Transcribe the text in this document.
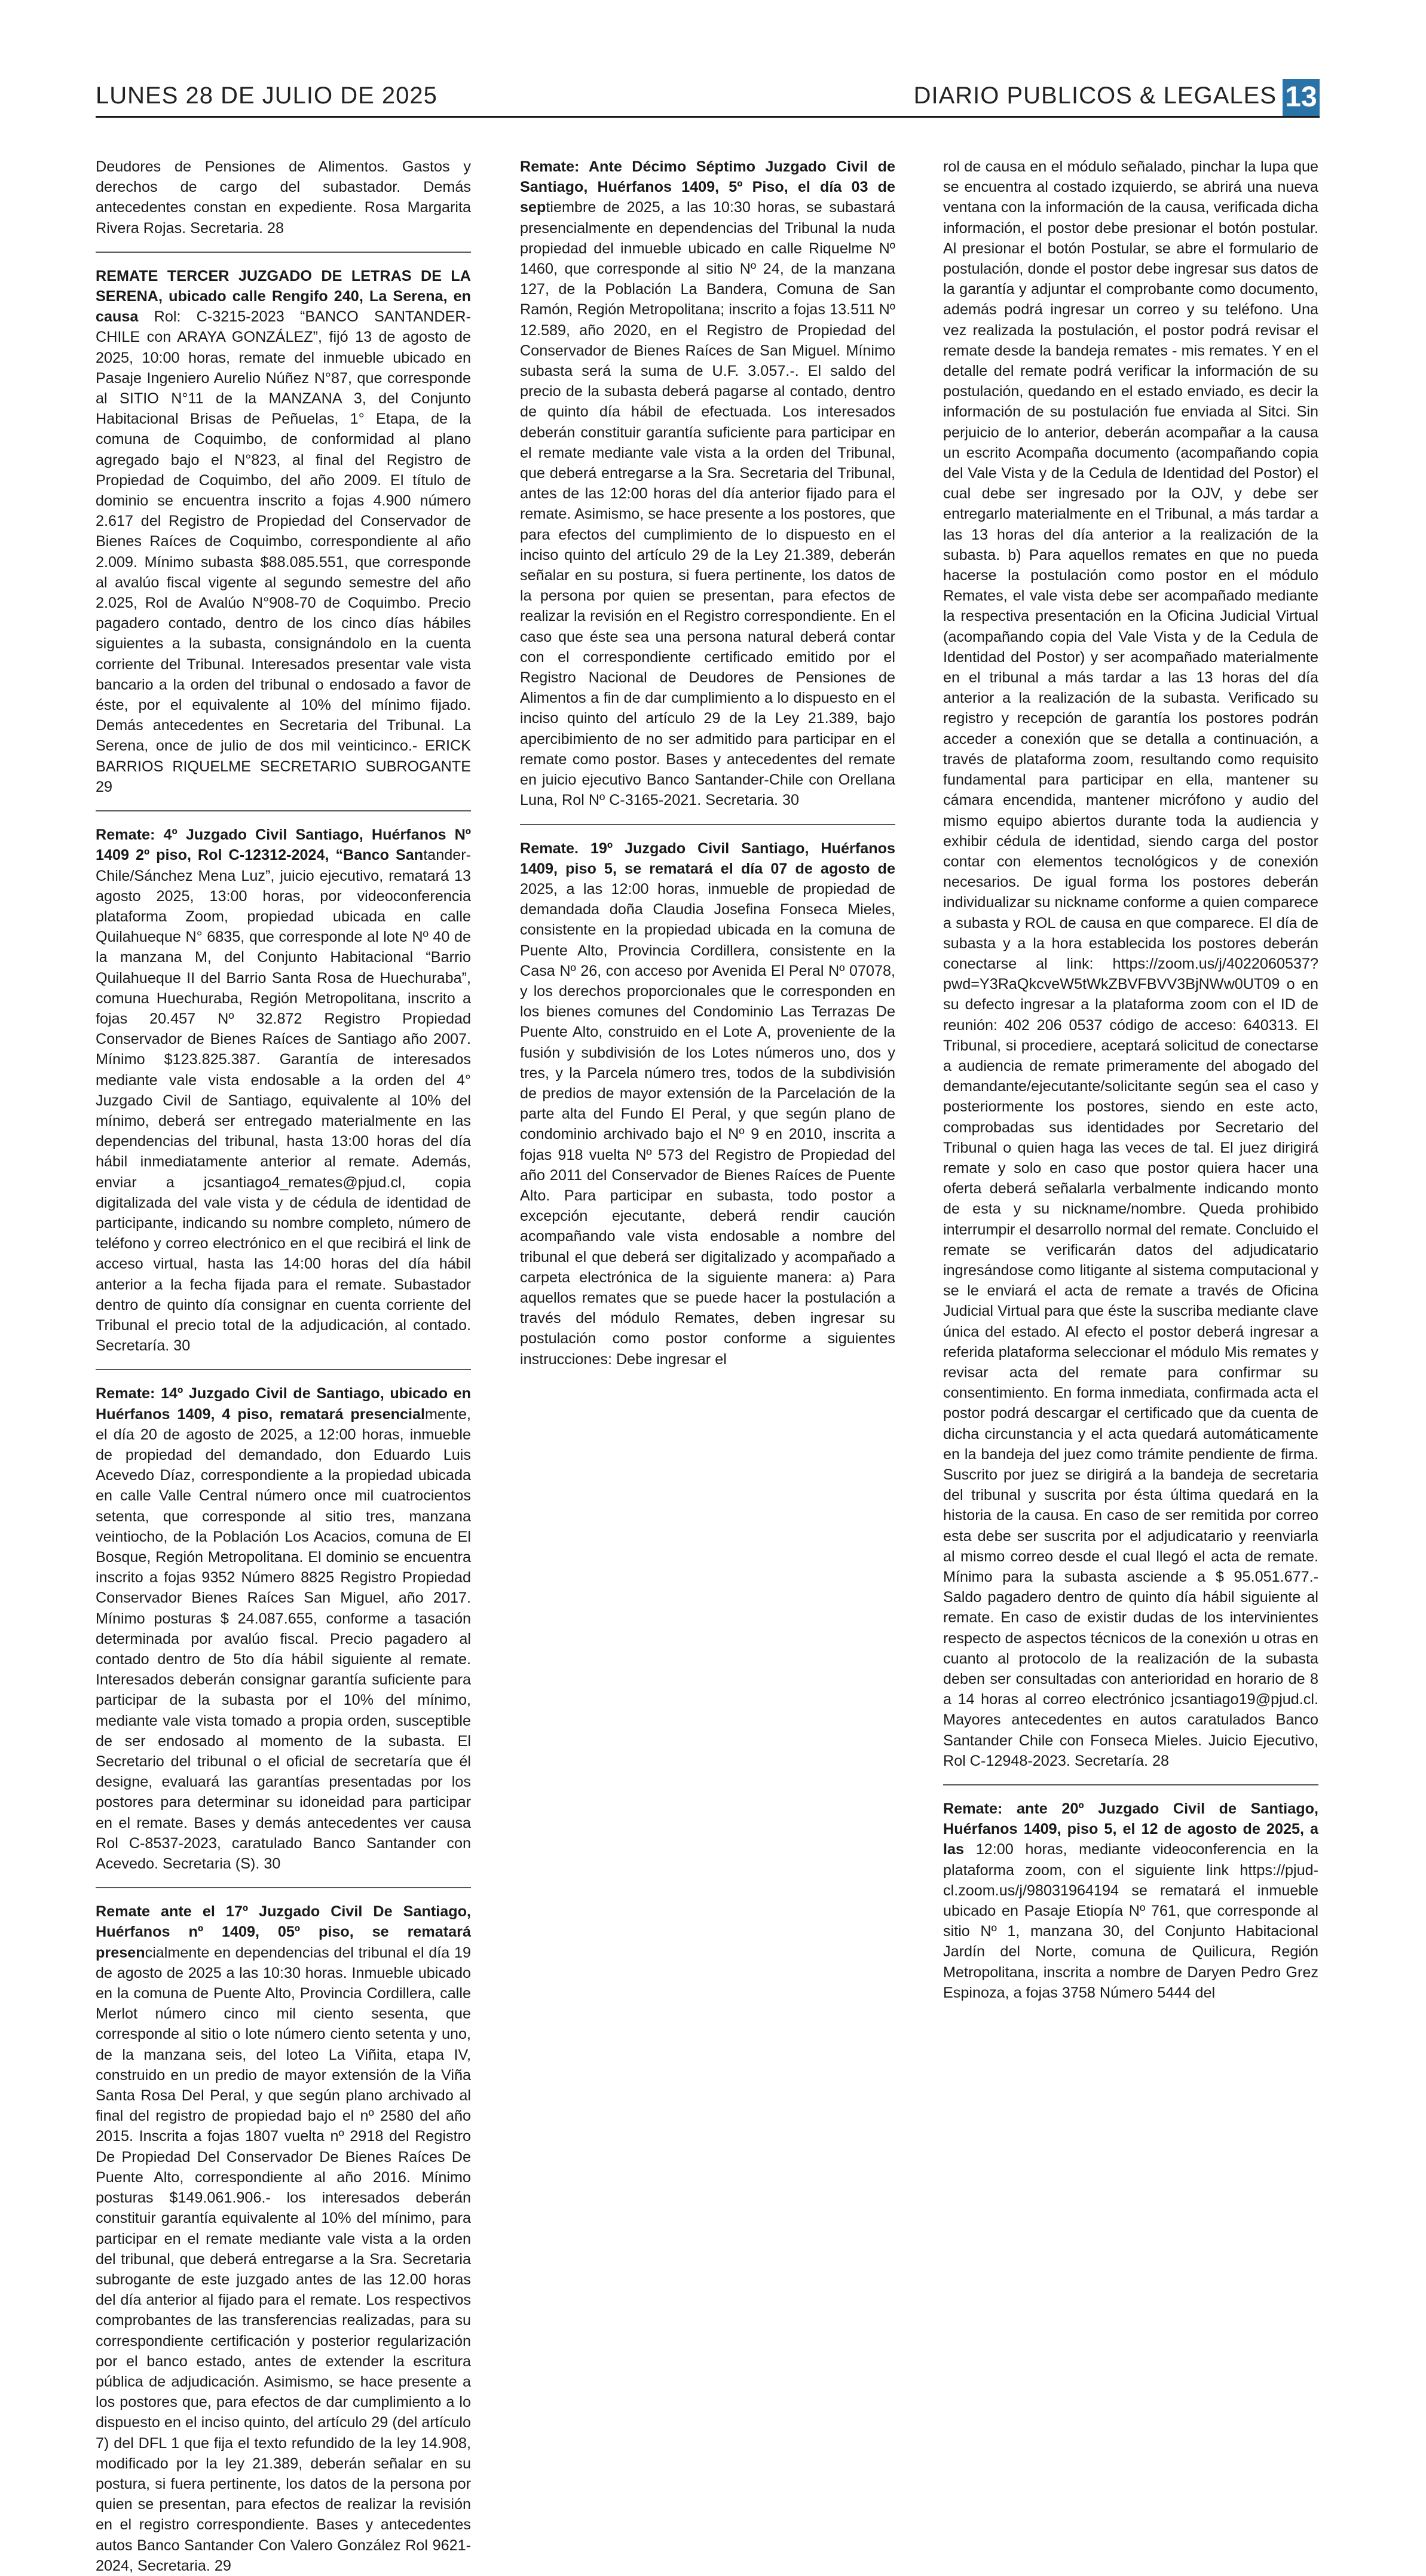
LUNES 28 DE JULIO DE 2025	DIARIO PUBLICOS & LEGALES 13

Deudores de Pensiones de Alimentos. Gastos y derechos de cargo del subastador. Demás antecedentes constan en expediente. Rosa Margarita Rivera Rojas. Secretaria. 28

REMATE TERCER JUZGADO DE LETRAS DE LA SERENA, ubicado calle Rengifo 240, La Serena, en causa Rol: C-3215-2023 “BANCO SANTANDER- CHILE con ARAYA GONZÁLEZ”, fijó 13 de agosto de 2025, 10:00 horas, remate del inmueble ubicado en Pasaje Ingeniero Aurelio Núñez N°87, que corresponde al SITIO N°11 de la MANZANA 3, del Conjunto Habitacional Brisas de Peñuelas, 1° Etapa, de la comuna de Coquimbo, de conformidad al plano agregado bajo el N°823, al final del Registro de Propiedad de Coquimbo, del año 2009. El título de dominio se encuentra inscrito a fojas 4.900 número 2.617 del Registro de Propiedad del Conservador de Bienes Raíces de Coquimbo, correspondiente al año 2.009. Mínimo subasta $88.085.551, que corresponde al avalúo fiscal vigente al segundo semestre del año 2.025, Rol de Avalúo N°908-70 de Coquimbo. Precio pagadero contado, dentro de los cinco días hábiles siguientes a la subasta, consignándolo en la cuenta corriente del Tribunal. Interesados presentar vale vista bancario a la orden del tribunal o endosado a favor de éste, por el equivalente al 10% del mínimo fijado. Demás antecedentes en Secretaria del Tribunal. La Serena, once de julio de dos mil veinticinco.- ERICK BARRIOS RIQUELME SECRETARIO SUBROGANTE 29

Remate: 4º Juzgado Civil Santiago, Huérfanos Nº 1409 2º piso, Rol C-12312-2024, “Banco Santander-Chile/Sánchez Mena Luz”, juicio ejecutivo, rematará 13 agosto 2025, 13:00 horas, por videoconferencia plataforma Zoom, propiedad ubicada en calle Quilahueque N° 6835, que corresponde al lote Nº 40 de la manzana M, del Conjunto Habitacional “Barrio Quilahueque II del Barrio Santa Rosa de Huechuraba”, comuna Huechuraba, Región Metropolitana, inscrito a fojas 20.457 Nº 32.872 Registro Propiedad Conservador de Bienes Raíces de Santiago año 2007. Mínimo $123.825.387. Garantía de interesados mediante vale vista endosable a la orden del 4° Juzgado Civil de Santiago, equivalente al 10% del mínimo, deberá ser entregado materialmente en las dependencias del tribunal, hasta 13:00 horas del día hábil inmediatamente anterior al remate. Además, enviar a jcsantiago4_remates@pjud.cl, copia digitalizada del vale vista y de cédula de identidad de participante, indicando su nombre completo, número de teléfono y correo electrónico en el que recibirá el link de acceso virtual, hasta las 14:00 horas del día hábil anterior a la fecha fijada para el remate. Subastador dentro de quinto día consignar en cuenta corriente del Tribunal el precio total de la adjudicación, al contado. Secretaría. 30

Remate: 14º Juzgado Civil de Santiago, ubicado en Huérfanos 1409, 4 piso, rematará presencialmente, el día 20 de agosto de 2025, a 12:00 horas, inmueble de propiedad del demandado, don Eduardo Luis Acevedo Díaz, correspondiente a la propiedad ubicada en calle Valle Central número once mil cuatrocientos setenta, que corresponde al sitio tres, manzana veintiocho, de la Población Los Acacios, comuna de El Bosque, Región Metropolitana. El dominio se encuentra inscrito a fojas 9352 Número 8825 Registro Propiedad Conservador Bienes Raíces San Miguel, año 2017. Mínimo posturas $ 24.087.655, conforme a tasación determinada por avalúo fiscal. Precio pagadero al contado dentro de 5to día hábil siguiente al remate. Interesados deberán consignar garantía suficiente para participar de la subasta por el 10% del mínimo, mediante vale vista tomado a propia orden, susceptible de ser endosado al momento de la subasta. El Secretario del tribunal o el oficial de secretaría que él designe, evaluará las garantías presentadas por los postores para determinar su idoneidad para participar en el remate. Bases y demás antecedentes ver causa Rol C-8537-2023, caratulado Banco Santander con Acevedo. Secretaria (S). 30

Remate ante el 17º Juzgado Civil De Santiago, Huérfanos nº 1409, 05º piso, se rematará presencialmente en dependencias del tribunal el día 19 de agosto de 2025 a las 10:30 horas. Inmueble ubicado en la comuna de Puente Alto, Provincia Cordillera, calle Merlot número cinco mil ciento sesenta, que corresponde al sitio o lote número ciento setenta y uno, de la manzana seis, del loteo La Viñita, etapa IV, construido en un predio de mayor extensión de la Viña Santa Rosa Del Peral, y que según plano archivado al final del registro de propiedad bajo el nº 2580 del año 2015. Inscrita a fojas 1807 vuelta nº 2918 del Registro De Propiedad Del Conservador De Bienes Raíces De Puente Alto, correspondiente al año 2016. Mínimo posturas $149.061.906.- los interesados deberán constituir garantía equivalente al 10% del mínimo, para participar en el remate mediante vale vista a la orden del tribunal, que deberá entregarse a la Sra. Secretaria subrogante de este juzgado antes de las 12.00 horas del día anterior al fijado para el remate. Los respectivos comprobantes de las transferencias realizadas, para su correspondiente certificación y posterior regularización por el banco estado, antes de extender la escritura pública de adjudicación. Asimismo, se hace presente a los postores que, para efectos de dar cumplimiento a lo dispuesto en el inciso quinto, del artículo 29 (del artículo 7) del DFL 1 que fija el texto refundido de la ley 14.908, modificado por la ley 21.389, deberán señalar en su postura, si fuera pertinente, los datos de la persona por quien se presentan, para efectos de realizar la revisión en el registro correspondiente. Bases y antecedentes autos Banco Santander Con Valero González Rol 9621-2024, Secretaria. 29

Remate: Ante Décimo Séptimo Juzgado Civil de Santiago, Huérfanos 1409, 5º Piso, el día 03 de septiembre de 2025, a las 10:30 horas, se subastará presencialmente en dependencias del Tribunal la nuda propiedad del inmueble ubicado en calle Riquelme Nº 1460, que corresponde al sitio Nº 24, de la manzana 127, de la Población La Bandera, Comuna de San Ramón, Región Metropolitana; inscrito a fojas 13.511 Nº 12.589, año 2020, en el Registro de Propiedad del Conservador de Bienes Raíces de San Miguel. Mínimo subasta será la suma de U.F. 3.057.-. El saldo del precio de la subasta deberá pagarse al contado, dentro de quinto día hábil de efectuada. Los interesados deberán constituir garantía suficiente para participar en el remate mediante vale vista a la orden del Tribunal, que deberá entregarse a la Sra. Secretaria del Tribunal, antes de las 12:00 horas del día anterior fijado para el remate. Asimismo, se hace presente a los postores, que para efectos del cumplimiento de lo dispuesto en el inciso quinto del artículo 29 de la Ley 21.389, deberán señalar en su postura, si fuera pertinente, los datos de la persona por quien se presentan, para efectos de realizar la revisión en el Registro correspondiente. En el caso que éste sea una persona natural deberá contar con el correspondiente certificado emitido por el Registro Nacional de Deudores de Pensiones de Alimentos a fin de dar cumplimiento a lo dispuesto en el inciso quinto del artículo 29 de la Ley 21.389, bajo apercibimiento de no ser admitido para participar en el remate como postor. Bases y antecedentes del remate en juicio ejecutivo Banco Santander-Chile con Orellana Luna, Rol Nº C-3165-2021. Secretaria. 30

Remate. 19º Juzgado Civil Santiago, Huérfanos 1409, piso 5, se rematará el día 07 de agosto de 2025, a las 12:00 horas, inmueble de propiedad de demandada doña Claudia Josefina Fonseca Mieles, consistente en la propiedad ubicada en la comuna de Puente Alto, Provincia Cordillera, consistente en la Casa Nº 26, con acceso por Avenida El Peral Nº 07078, y los derechos proporcionales que le corresponden en los bienes comunes del Condominio Las Terrazas De Puente Alto, construido en el Lote A, proveniente de la fusión y subdivisión de los Lotes números uno, dos y tres, y la Parcela número tres, todos de la subdivisión de predios de mayor extensión de la Parcelación de la parte alta del Fundo El Peral, y que según plano de condominio archivado bajo el Nº 9 en 2010, inscrita a fojas 918 vuelta Nº 573 del Registro de Propiedad del año 2011 del Conservador de Bienes Raíces de Puente Alto. Para participar en subasta, todo postor a excepción ejecutante, deberá rendir caución acompañando vale vista endosable a nombre del tribunal el que deberá ser digitalizado y acompañado a carpeta electrónica de la siguiente manera: a) Para aquellos remates que se puede hacer la postulación a través del módulo Remates, deben ingresar su postulación como postor conforme a siguientes instrucciones: Debe ingresar el

rol de causa en el módulo señalado, pinchar la lupa que se encuentra al costado izquierdo, se abrirá una nueva ventana con la información de la causa, verificada dicha información, el postor debe presionar el botón postular. Al presionar el botón Postular, se abre el formulario de postulación, donde el postor debe ingresar sus datos de la garantía y adjuntar el comprobante como documento, además podrá ingresar un correo y su teléfono. Una vez realizada la postulación, el postor podrá revisar el remate desde la bandeja remates - mis remates. Y en el detalle del remate podrá verificar la información de su postulación, quedando en el estado enviado, es decir la información de su postulación fue enviada al Sitci. Sin perjuicio de lo anterior, deberán acompañar a la causa un escrito Acompaña documento (acompañando copia del Vale Vista y de la Cedula de Identidad del Postor) el cual debe ser ingresado por la OJV, y debe ser entregarlo materialmente en el Tribunal, a más tardar a las 13 horas del día anterior a la realización de la subasta. b) Para aquellos remates en que no pueda hacerse la postulación como postor en el módulo Remates, el vale vista debe ser acompañado mediante la respectiva presentación en la Oficina Judicial Virtual (acompañando copia del Vale Vista y de la Cedula de Identidad del Postor) y ser acompañado materialmente en el tribunal a más tardar a las 13 horas del día anterior a la realización de la subasta. Verificado su registro y recepción de garantía los postores podrán acceder a conexión que se detalla a continuación, a través de plataforma zoom, resultando como requisito fundamental para participar en ella, mantener su cámara encendida, mantener micrófono y audio del mismo equipo abiertos durante toda la audiencia y exhibir cédula de identidad, siendo carga del postor contar con elementos tecnológicos y de conexión necesarios. De igual forma los postores deberán individualizar su nickname conforme a quien comparece a subasta y ROL de causa en que comparece. El día de subasta y a la hora establecida los postores deberán conectarse al link: https://zoom.us/j/4022060537?pwd=Y3RaQkcveW5tWkZBVFBVV3BjNWw0UT09 o en su defecto ingresar a la plataforma zoom con el ID de reunión: 402 206 0537 código de acceso: 640313. El Tribunal, si procediere, aceptará solicitud de conectarse a audiencia de remate primeramente del abogado del demandante/ejecutante/solicitante según sea el caso y posteriormente los postores, siendo en este acto, comprobadas sus identidades por Secretario del Tribunal o quien haga las veces de tal. El juez dirigirá remate y solo en caso que postor quiera hacer una oferta deberá señalarla verbalmente indicando monto de esta y su nickname/nombre. Queda prohibido interrumpir el desarrollo normal del remate. Concluido el remate se verificarán datos del adjudicatario ingresándose como litigante al sistema computacional y se le enviará el acta de remate a través de Oficina Judicial Virtual para que éste la suscriba mediante clave única del estado. Al efecto el postor deberá ingresar a referida plataforma seleccionar el módulo Mis remates y revisar acta del remate para confirmar su consentimiento. En forma inmediata, confirmada acta el postor podrá descargar el certificado que da cuenta de dicha circunstancia y el acta quedará automáticamente en la bandeja del juez como trámite pendiente de firma. Suscrito por juez se dirigirá a la bandeja de secretaria del tribunal y suscrita por ésta última quedará en la historia de la causa. En caso de ser remitida por correo esta debe ser suscrita por el adjudicatario y reenviarla al mismo correo desde el cual llegó el acta de remate. Mínimo para la subasta asciende a $ 95.051.677.- Saldo pagadero dentro de quinto día hábil siguiente al remate. En caso de existir dudas de los intervinientes respecto de aspectos técnicos de la conexión u otras en cuanto al protocolo de la realización de la subasta deben ser consultadas con anterioridad en horario de 8 a 14 horas al correo electrónico jcsantiago19@pjud.cl. Mayores antecedentes en autos caratulados Banco Santander Chile con Fonseca Mieles. Juicio Ejecutivo, Rol C-12948-2023. Secretaría. 28

Remate: ante 20º Juzgado Civil de Santiago, Huérfanos 1409, piso 5, el 12 de agosto de 2025, a las 12:00 horas, mediante videoconferencia en la plataforma zoom, con el siguiente link https://pjud- cl.zoom.us/j/98031964194 se rematará el inmueble ubicado en Pasaje Etiopía Nº 761, que corresponde al sitio Nº 1, manzana 30, del Conjunto Habitacional Jardín del Norte, comuna de Quilicura, Región Metropolitana, inscrita a nombre de Daryen Pedro Grez Espinoza, a fojas 3758 Número 5444 del
